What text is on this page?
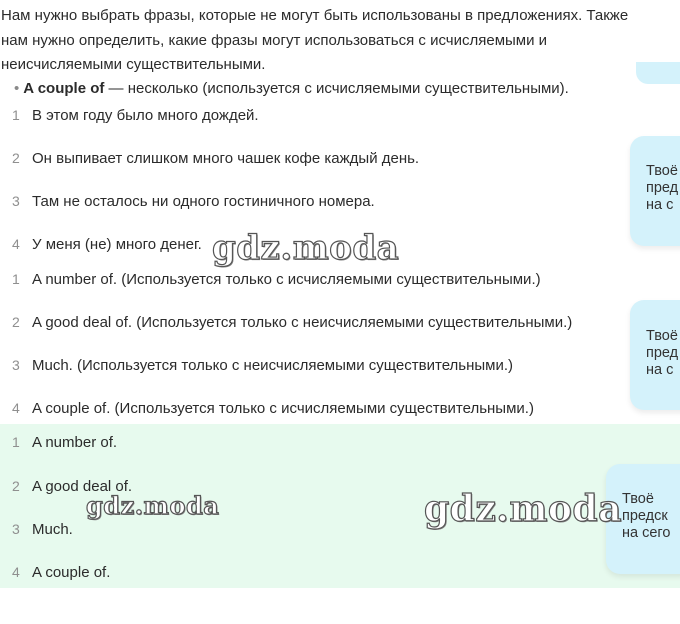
Нам нужно выбрать фразы, которые не могут быть использованы в предложениях. Также
нам нужно определить, какие фразы могут использоваться с исчисляемыми и
неисчисляемыми существительными.
• A couple of — несколько (используется с исчисляемыми существительными).
1 В этом году было много дождей.
2 Он выпивает слишком много чашек кофе каждый день.
3 Там не осталось ни одного гостиничного номера.
4 У меня (не) много денег.
1 A number of. (Используется только с исчисляемыми существительными.)
2 A good deal of. (Используется только с неисчисляемыми существительными.)
3 Much. (Используется только с неисчисляемыми существительными.)
4 A couple of. (Используется только с исчисляемыми существительными.)
1 A number of.
2 A good deal of.
3 Much.
4 A couple of.
Твоё
пред
на с
Твоё
пред
на с
Твоё
предск
на сего
gdz.moda
gdz.moda	gdz.moda
